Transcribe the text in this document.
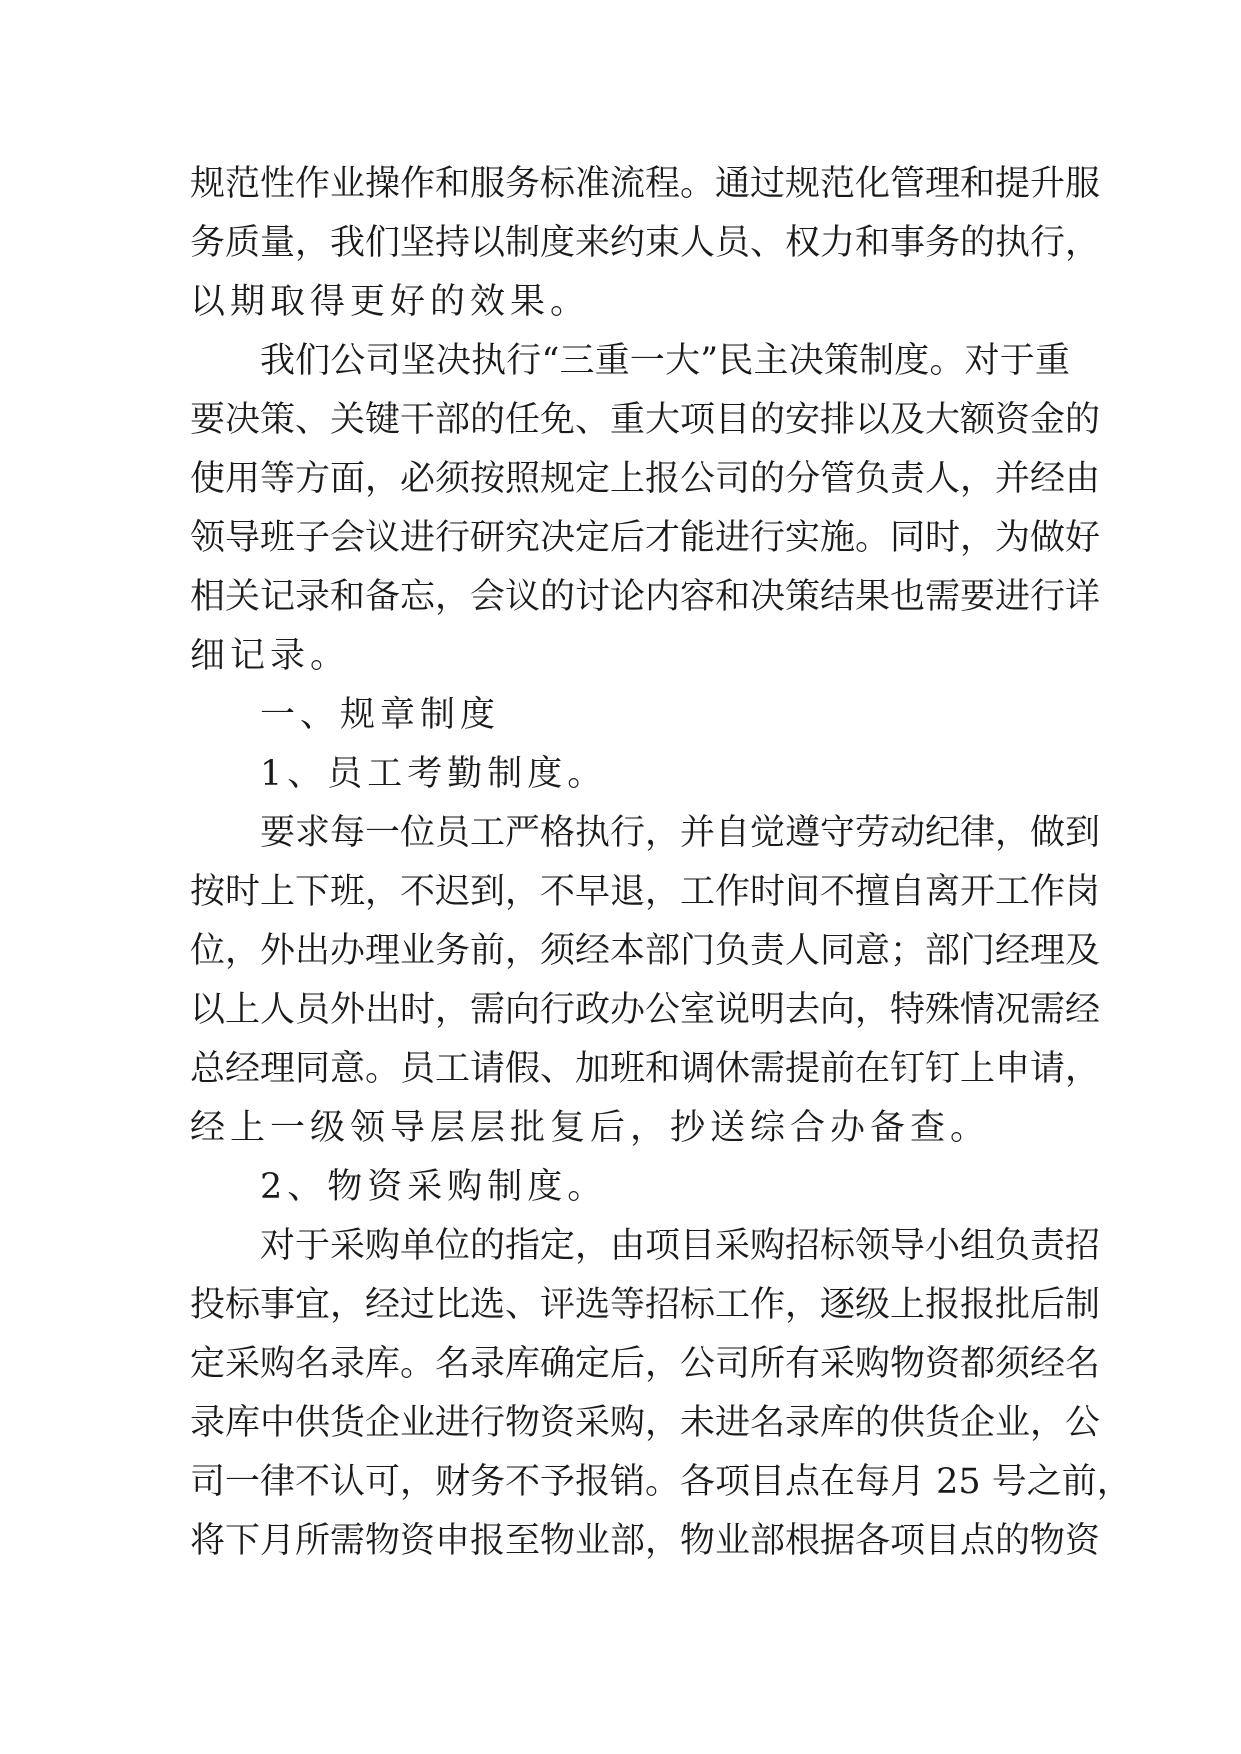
规范性作业操作和服务标准流程。通过规范化管理和提升服
务质量，我们坚持以制度来约束人员、权力和事务的执行，
以期取得更好的效果。
我们公司坚决执行“三重一大”民主决策制度。对于重
要决策、关键干部的任免、重大项目的安排以及大额资金的
使用等方面，必须按照规定上报公司的分管负责人，并经由
领导班子会议进行研究决定后才能进行实施。同时，为做好
相关记录和备忘，会议的讨论内容和决策结果也需要进行详
细记录。
一、规章制度
1、员工考勤制度。
要求每一位员工严格执行，并自觉遵守劳动纪律，做到
按时上下班，不迟到，不早退，工作时间不擅自离开工作岗
位，外出办理业务前，须经本部门负责人同意；部门经理及
以上人员外出时，需向行政办公室说明去向，特殊情况需经
总经理同意。员工请假、加班和调休需提前在钉钉上申请，
经上一级领导层层批复后，抄送综合办备查。
2、物资采购制度。
对于采购单位的指定，由项目采购招标领导小组负责招
投标事宜，经过比选、评选等招标工作，逐级上报报批后制
定采购名录库。名录库确定后，公司所有采购物资都须经名
录库中供货企业进行物资采购，未进名录库的供货企业，公
司一律不认可，财务不予报销。各项目点在每月 25 号之前，
将下月所需物资申报至物业部，物业部根据各项目点的物资
